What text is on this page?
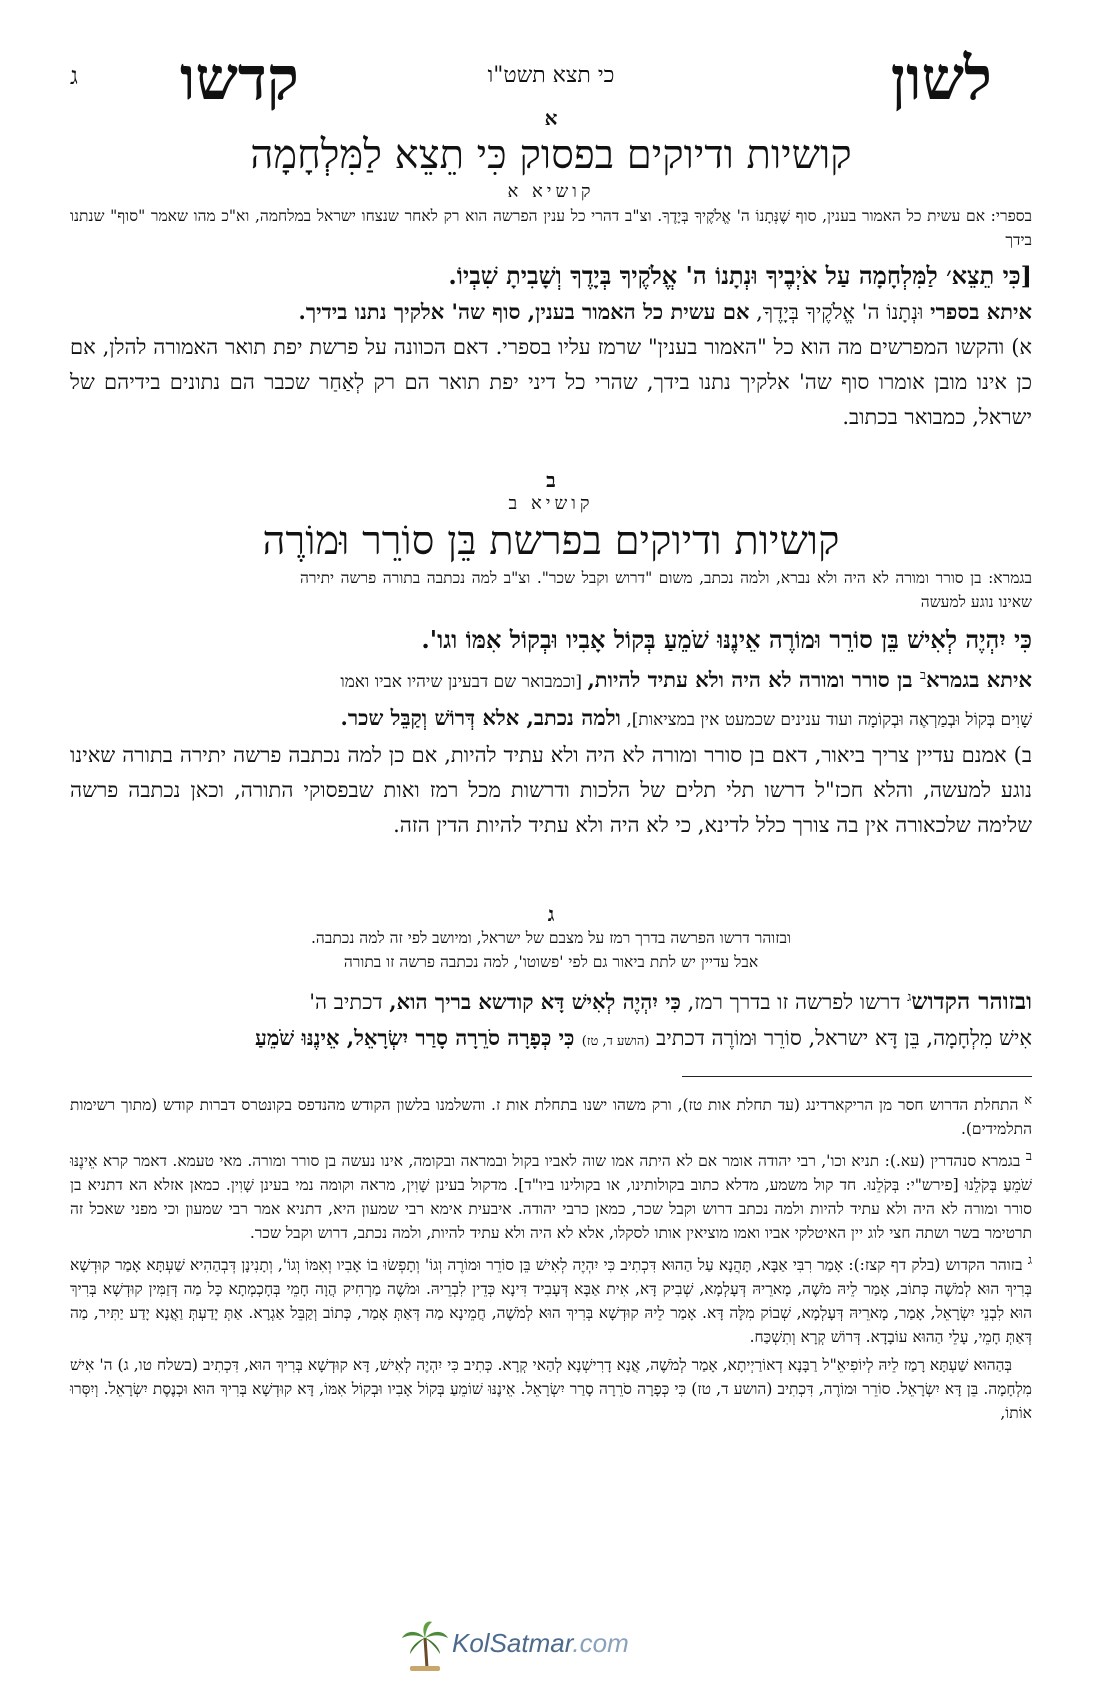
לשון
כי תצא תשט"ו
קדשו
ג
א
קושיות ודיוקים בפסוק כִּי תֵצֵא לַמִּלְחָמָה
קושיא א
בספרי: אם עשית כל האמור בענין, סוף שֶׁנְּתָנוֹ ה' אֱלֹקֶיךָ בְּיָדֶךָ. וצ"ב דהרי כל ענין הפרשה הוא רק לאחר שנצחו ישראל במלחמה, וא"כ מהו שאמר "סוף" שנתנו בידך
[כִּי תֵצֵא׳ לַמִּלְחָמָה עַל אֹיְבֶיךָ וּנְתָנוֹ ה' אֱלֹקֶיךָ בְּיָדֶךָ וְשָׁבִיתָ שִׁבְיוֹ.
איתא בספרי וּנְתָנוֹ ה' אֱלֹקֶיךָ בְּיָדֶךָ, אם עשית כל האמור בענין, סוף שה' אלקיך נתנו בידיך.
א) והקשו המפרשים מה הוא כל "האמור בענין" שרמז עליו בספרי. דאם הכוונה על פרשת יפת תואר האמורה להלן, אם כן אינו מובן אומרו סוף שה' אלקיך נתנו בידך, שהרי כל דיני יפת תואר הם רק לְאַחַר שכבר הם נתונים בידיהם של ישראל, כמבואר בכתוב.
ב
קושיא ב
קושיות ודיוקים בפרשת בֵּן סוֹרֵר וּמוֹרֶה
בגמרא: בן סורר ומורה לא היה ולא נברא, ולמה נכתב, משום "דרוש וקבל שכר". וצ"ב למה נכתבה בתורה פרשה יתירה שאינו נוגע למעשה
כִּי יִהְיֶה לְאִישׁ בֵּן סוֹרֵר וּמוֹרֶה אֵינֶנּוּ שֹׁמֵעַ בְּקוֹל אָבִיו וּבְקוֹל אִמּוֹ וגו'.
איתא בגמרא$^ב$ בן סורר ומורה לא היה ולא עתיד להיות, [וכמבואר שם דבעינן שיהיו אביו ואמו
שָׁוִים בְּקוֹל וּבְמַרְאֶה וּבְקוֹמָה ועוד ענינים שכמעט אין במציאות], ולמה נכתב, אלא דְּרוֹשׁ וְקַבֵּל שכר.
ב) אמנם עדיין צריך ביאור, דאם בן סורר ומורה לא היה ולא עתיד להיות, אם כן למה נכתבה פרשה יתירה בתורה שאינו נוגע למעשה, והלא חכז"ל דרשו תלי תלים של הלכות ודרשות מכל רמז ואות שבפסוקי התורה, וכאן נכתבה פרשה שלימה שלכאורה אין בה צורך כלל לדינא, כי לא היה ולא עתיד להיות הדין הזה.
ג
ובזוהר דרשו הפרשה בדרך רמז על מצבם של ישראל, ומיושב לפי זה למה נכתבה.
אבל עדיין יש לתת ביאור גם לפי 'פשוטו', למה נכתבה פרשה זו בתורה
ובזוהר הקדוש$^ג$ דרשו לפרשה זו בדרך רמז, כִּי יִהְיֶה לְאִישׁ דָּא קודשא בריך הוא, דכתיב ה'
אִישׁ מִלְחָמָה, בֵּן דָּא ישראל, סוֹרֵר וּמוֹרֶה דכתיב (הושע ד, טז) כִּי כְּפָרָה סֹרֵרָה סָרַר יִשְׂרָאֵל, אֵינֶנּוּ שֹׁמֵעַ
$^א$ התחלת הדרוש חסר מן הריקארדינג (עד תחלת אות טז), ורק משהו ישנו בתחלת אות ז. והשלמנו בלשון הקודש מהנדפס בקונטרס דברות קודש (מתוך רשימות התלמידים).
$^ב$ בגמרא סנהדרין (עא.): תניא וכו', רבי יהודה אומר אם לא היתה אמו שוה לאביו בקול ובמראה ובקומה, אינו נעשה בן סורר ומורה. מאי טעמא. דאמר קרא אֵינֶנּוּ שֹׁמֵעַ בְּקֹלֵנוּ [פירש"י: בְּקֹלֵנוּ. חד קול משמע, מדלא כתוב בקולותינו, או בקולינו ביו"ד]. מדקול בעינן שָׁוִין, מראה וקומה נמי בעינן שָׁוִין. כמאן אזלא הא דתניא בן סורר ומורה לא היה ולא עתיד להיות ולמה נכתב דרוש וקבל שכר, כמאן כרבי יהודה. איבעית אימא רבי שמעון היא, דתניא אמר רבי שמעון וכי מפני שאכל זה תרטימר בשר ושתה חצי לוג יין האיטלקי אביו ואמו מוציאין אותו לסקלו, אלא לא היה ולא עתיד להיות, ולמה נכתב, דרוש וקבל שכר.
$^ג$ בזוהר הקדוש (בלק דף קצז:): אָמַר רִבִּי אַבָּא, תָּהֲנָא עַל הַהוּא דִּכְתִיב כִּי יִהְיֶה לְאִישׁ בֵּן סוֹרֵר וּמוֹרֶה וְגוֹ' וְתָפְשׂוּ בוֹ אָבִיו וְאִמּוֹ וְגוֹ', וְתָנִינָן דְּבְהַהִיא שַׁעְתָּא אָמַר קוּדְשָׁא בְּרִיךְ הוּא לְמֹשֶׁה כְּתוֹב, אָמַר לֵיהּ מֹשֶׁה, מָארֵיהּ דְּעָלְמָא, שְׁבִיק דָּא, אִית אַבָּא דְּעָבִיד דִּינָא כְּדֵין לִבְרֵיהּ. וּמֹשֶׁה מַרְחִיק הֲוָה חָמֵי בְּחָכְמְתָא כָּל מַה דְּזַמִּין קוּדְשָׁא בְּרִיךְ הוּא לִבְנֵי יִשְׂרָאֵל, אָמַר, מָארֵיהּ דְּעָלְמָא, שְׁבוֹק מִלָּה דָּא. אָמַר לֵיהּ קוּדְשָׁא בְּרִיךְ הוּא לְמֹשֶׁה, חֲמֵינָא מַה דְּאַתְּ אָמַר, כְּתוֹב וְקַבֵּל אַגְרָא. אַתְּ יָדַעְתְּ וַאֲנָא יָדַע יַתִּיר, מַה דְּאַתְּ חָמֵי, עָלֵי הַהוּא עוֹבָדָא. דְּרוֹשׁ קְרָא וְתִשְׁכַּח.
בְּהַהוּא שַׁעְתָּא רָמַז לֵיהּ לְיוֹפִיאֵ"ל רַבָּנָא דְאוֹרַיְיתָא, אָמַר לְמֹשֶׁה, אֲנָא דָרִישְׁנָא לְהַאי קְרָא. כְּתִיב כִּי יִהְיֶה לְאִישׁ, דָּא קוּדְשָׁא בְּרִיךְ הוּא, דִּכְתִיב (בשלח טו, ג) ה' אִישׁ מִלְחָמָה. בֵּן דָּא יִשְׂרָאֵל. סוֹרֵר וּמוֹרֶה, דִּכְתִיב (הושע ד, טז) כִּי כְּפָרָה סֹרֵרָה סָרַר יִשְׂרָאֵל. אֵינֶנּוּ שׁוֹמֵעַ בְּקוֹל אָבִיו וּבְקוֹל אִמּוֹ, דָּא קוּדְשָׁא בְּרִיךְ הוּא וּכְנֶסֶת יִשְׂרָאֵל. וְיִסְּרוּ אוֹתוֹ,
KolSatmar.com
